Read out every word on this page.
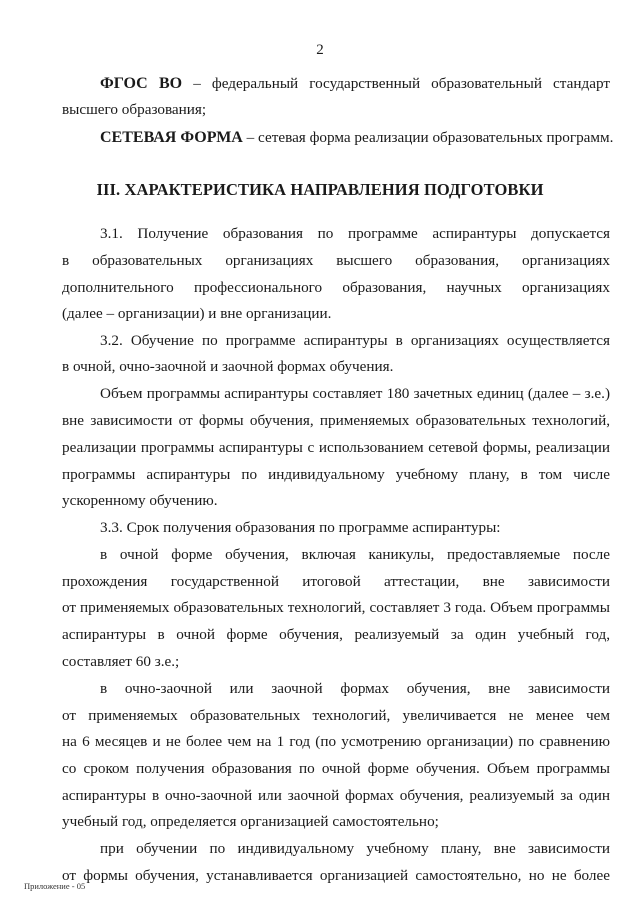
2
ФГОС ВО – федеральный государственный образовательный стандарт
высшего образования;
СЕТЕВАЯ ФОРМА – сетевая форма реализации образовательных программ.
III. ХАРАКТЕРИСТИКА НАПРАВЛЕНИЯ ПОДГОТОВКИ
3.1. Получение образования по программе аспирантуры допускается
в образовательных организациях высшего образования, организациях
дополнительного профессионального образования, научных организациях
(далее – организации) и вне организации.
3.2. Обучение по программе аспирантуры в организациях осуществляется
в очной, очно-заочной и заочной формах обучения.
Объем программы аспирантуры составляет 180 зачетных единиц (далее – з.е.)
вне зависимости от формы обучения, применяемых образовательных технологий,
реализации программы аспирантуры с использованием сетевой формы, реализации
программы аспирантуры по индивидуальному учебному плану, в том числе
ускоренному обучению.
3.3. Срок получения образования по программе аспирантуры:
в очной форме обучения, включая каникулы, предоставляемые после
прохождения государственной итоговой аттестации, вне зависимости
от применяемых образовательных технологий, составляет 3 года. Объем программы
аспирантуры в очной форме обучения, реализуемый за один учебный год,
составляет 60 з.е.;
в очно-заочной или заочной формах обучения, вне зависимости
от применяемых образовательных технологий, увеличивается не менее чем
на 6 месяцев и не более чем на 1 год (по усмотрению организации) по сравнению
со сроком получения образования по очной форме обучения. Объем программы
аспирантуры в очно-заочной или заочной формах обучения, реализуемый за один
учебный год, определяется организацией самостоятельно;
при обучении по индивидуальному учебному плану, вне зависимости
от формы обучения, устанавливается организацией самостоятельно, но не более
Приложение - 05
